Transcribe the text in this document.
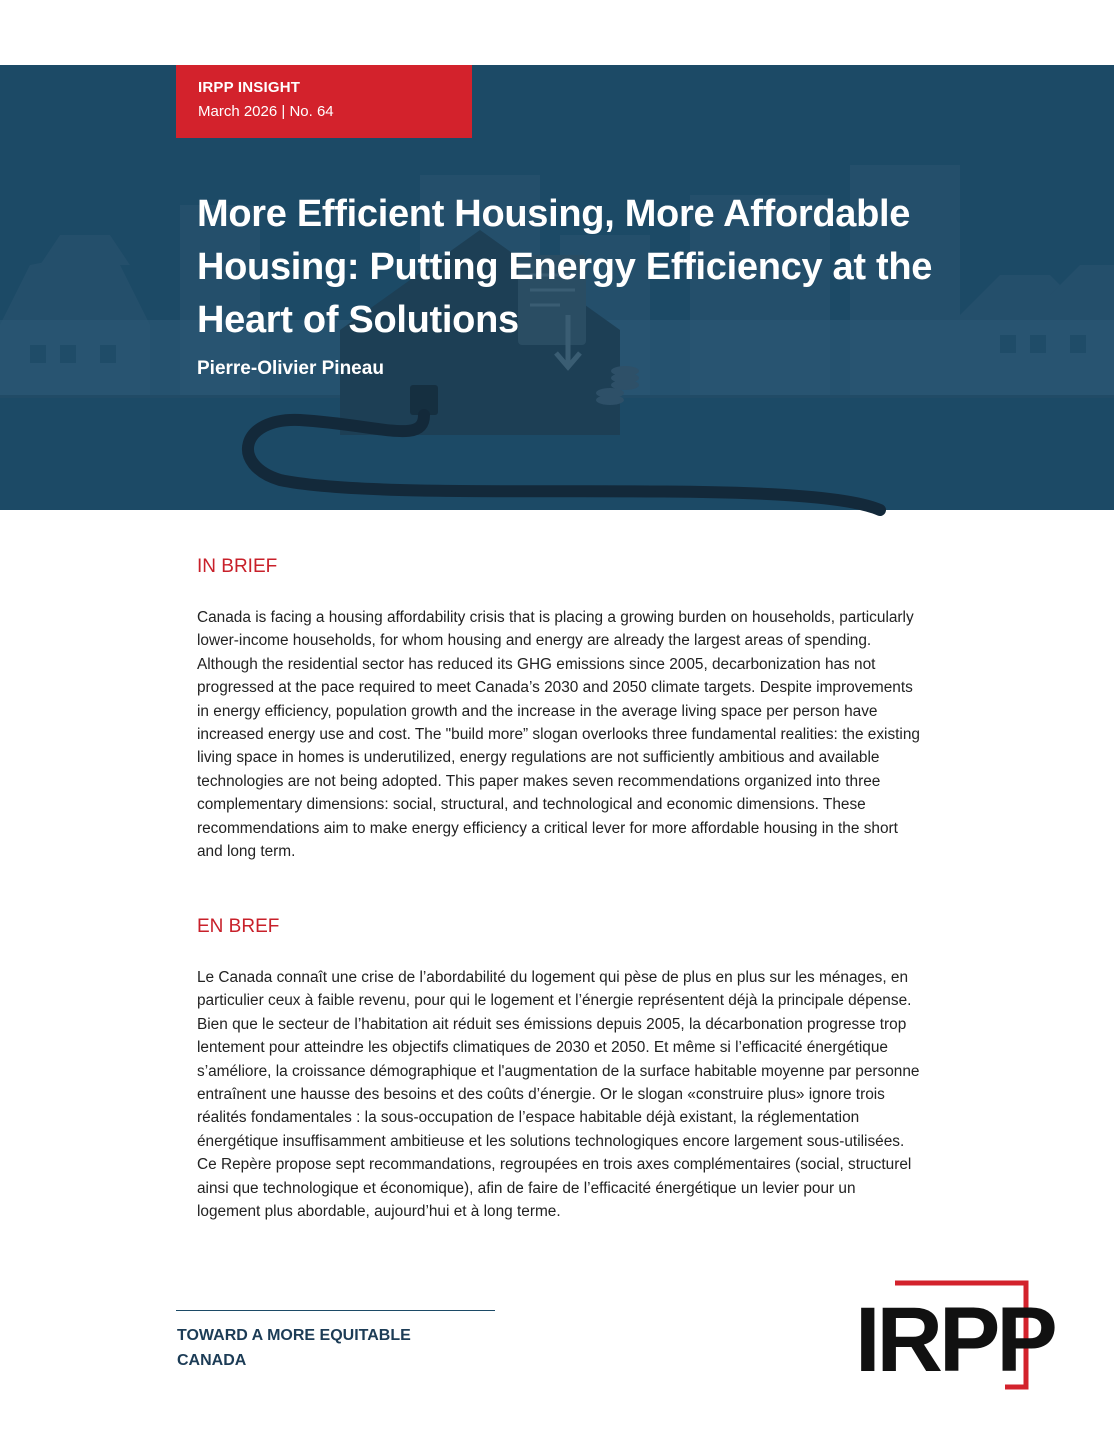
IRPP INSIGHT
March 2026 | No. 64
More Efficient Housing, More Affordable Housing: Putting Energy Efficiency at the Heart of Solutions
Pierre-Olivier Pineau
IN BRIEF

Canada is facing a housing affordability crisis that is placing a growing burden on households, particularly lower-income households, for whom housing and energy are already the largest areas of spending. Although the residential sector has reduced its GHG emissions since 2005, decarbonization has not progressed at the pace required to meet Canada’s 2030 and 2050 climate targets. Despite improvements in energy efficiency, population growth and the increase in the average living space per person have increased energy use and cost. The "build more” slogan overlooks three fundamental realities: the existing living space in homes is underutilized, energy regulations are not sufficiently ambitious and available technologies are not being adopted. This paper makes seven recommendations organized into three complementary dimensions: social, structural, and technological and economic dimensions. These recommendations aim to make energy efficiency a critical lever for more affordable housing in the short and long term.

EN BREF

Le Canada connaît une crise de l’abordabilité du logement qui pèse de plus en plus sur les ménages, en particulier ceux à faible revenu, pour qui le logement et l’énergie représentent déjà la principale dépense. Bien que le secteur de l’habitation ait réduit ses émissions depuis 2005, la décarbonation progresse trop lentement pour atteindre les objectifs climatiques de 2030 et 2050. Et même si l’efficacité énergétique s’améliore, la croissance démographique et l'augmentation de la surface habitable moyenne par personne entraînent une hausse des besoins et des coûts d’énergie. Or le slogan «construire plus» ignore trois réalités fondamentales : la sous-occupation de l’espace habitable déjà existant, la réglementation énergétique insuffisamment ambitieuse et les solutions technologiques encore largement sous-utilisées. Ce Repère propose sept recommandations, regroupées en trois axes complémentaires (social, structurel ainsi que technologique et économique), afin de faire de l’efficacité énergétique un levier pour un logement plus abordable, aujourd’hui et à long terme.

TOWARD A MORE EQUITABLE
CANADA	IRPP
